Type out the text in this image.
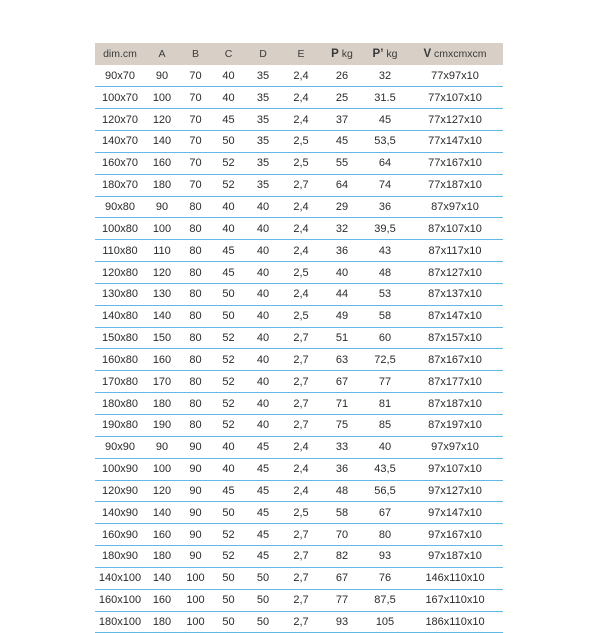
dim.cm	A	B	C	D	E	P kg	P’ kg	V cmxcmxcm
90x70	90	70	40	35	2,4	26	32	77x97x10
100x70	100	70	40	35	2,4	25	31.5	77x107x10
120x70	120	70	45	35	2,4	37	45	77x127x10
140x70	140	70	50	35	2,5	45	53,5	77x147x10
160x70	160	70	52	35	2,5	55	64	77x167x10
180x70	180	70	52	35	2,7	64	74	77x187x10
90x80	90	80	40	40	2,4	29	36	87x97x10
100x80	100	80	40	40	2,4	32	39,5	87x107x10
110x80	110	80	45	40	2,4	36	43	87x117x10
120x80	120	80	45	40	2,5	40	48	87x127x10
130x80	130	80	50	40	2,4	44	53	87x137x10
140x80	140	80	50	40	2,5	49	58	87x147x10
150x80	150	80	52	40	2,7	51	60	87x157x10
160x80	160	80	52	40	2,7	63	72,5	87x167x10
170x80	170	80	52	40	2,7	67	77	87x177x10
180x80	180	80	52	40	2,7	71	81	87x187x10
190x80	190	80	52	40	2,7	75	85	87x197x10
90x90	90	90	40	45	2,4	33	40	97x97x10
100x90	100	90	40	45	2,4	36	43,5	97x107x10
120x90	120	90	45	45	2,4	48	56,5	97x127x10
140x90	140	90	50	45	2,5	58	67	97x147x10
160x90	160	90	52	45	2,7	70	80	97x167x10
180x90	180	90	52	45	2,7	82	93	97x187x10
140x100	140	100	50	50	2,7	67	76	146x110x10
160x100	160	100	50	50	2,7	77	87,5	167x110x10
180x100	180	100	50	50	2,7	93	105	186x110x10
